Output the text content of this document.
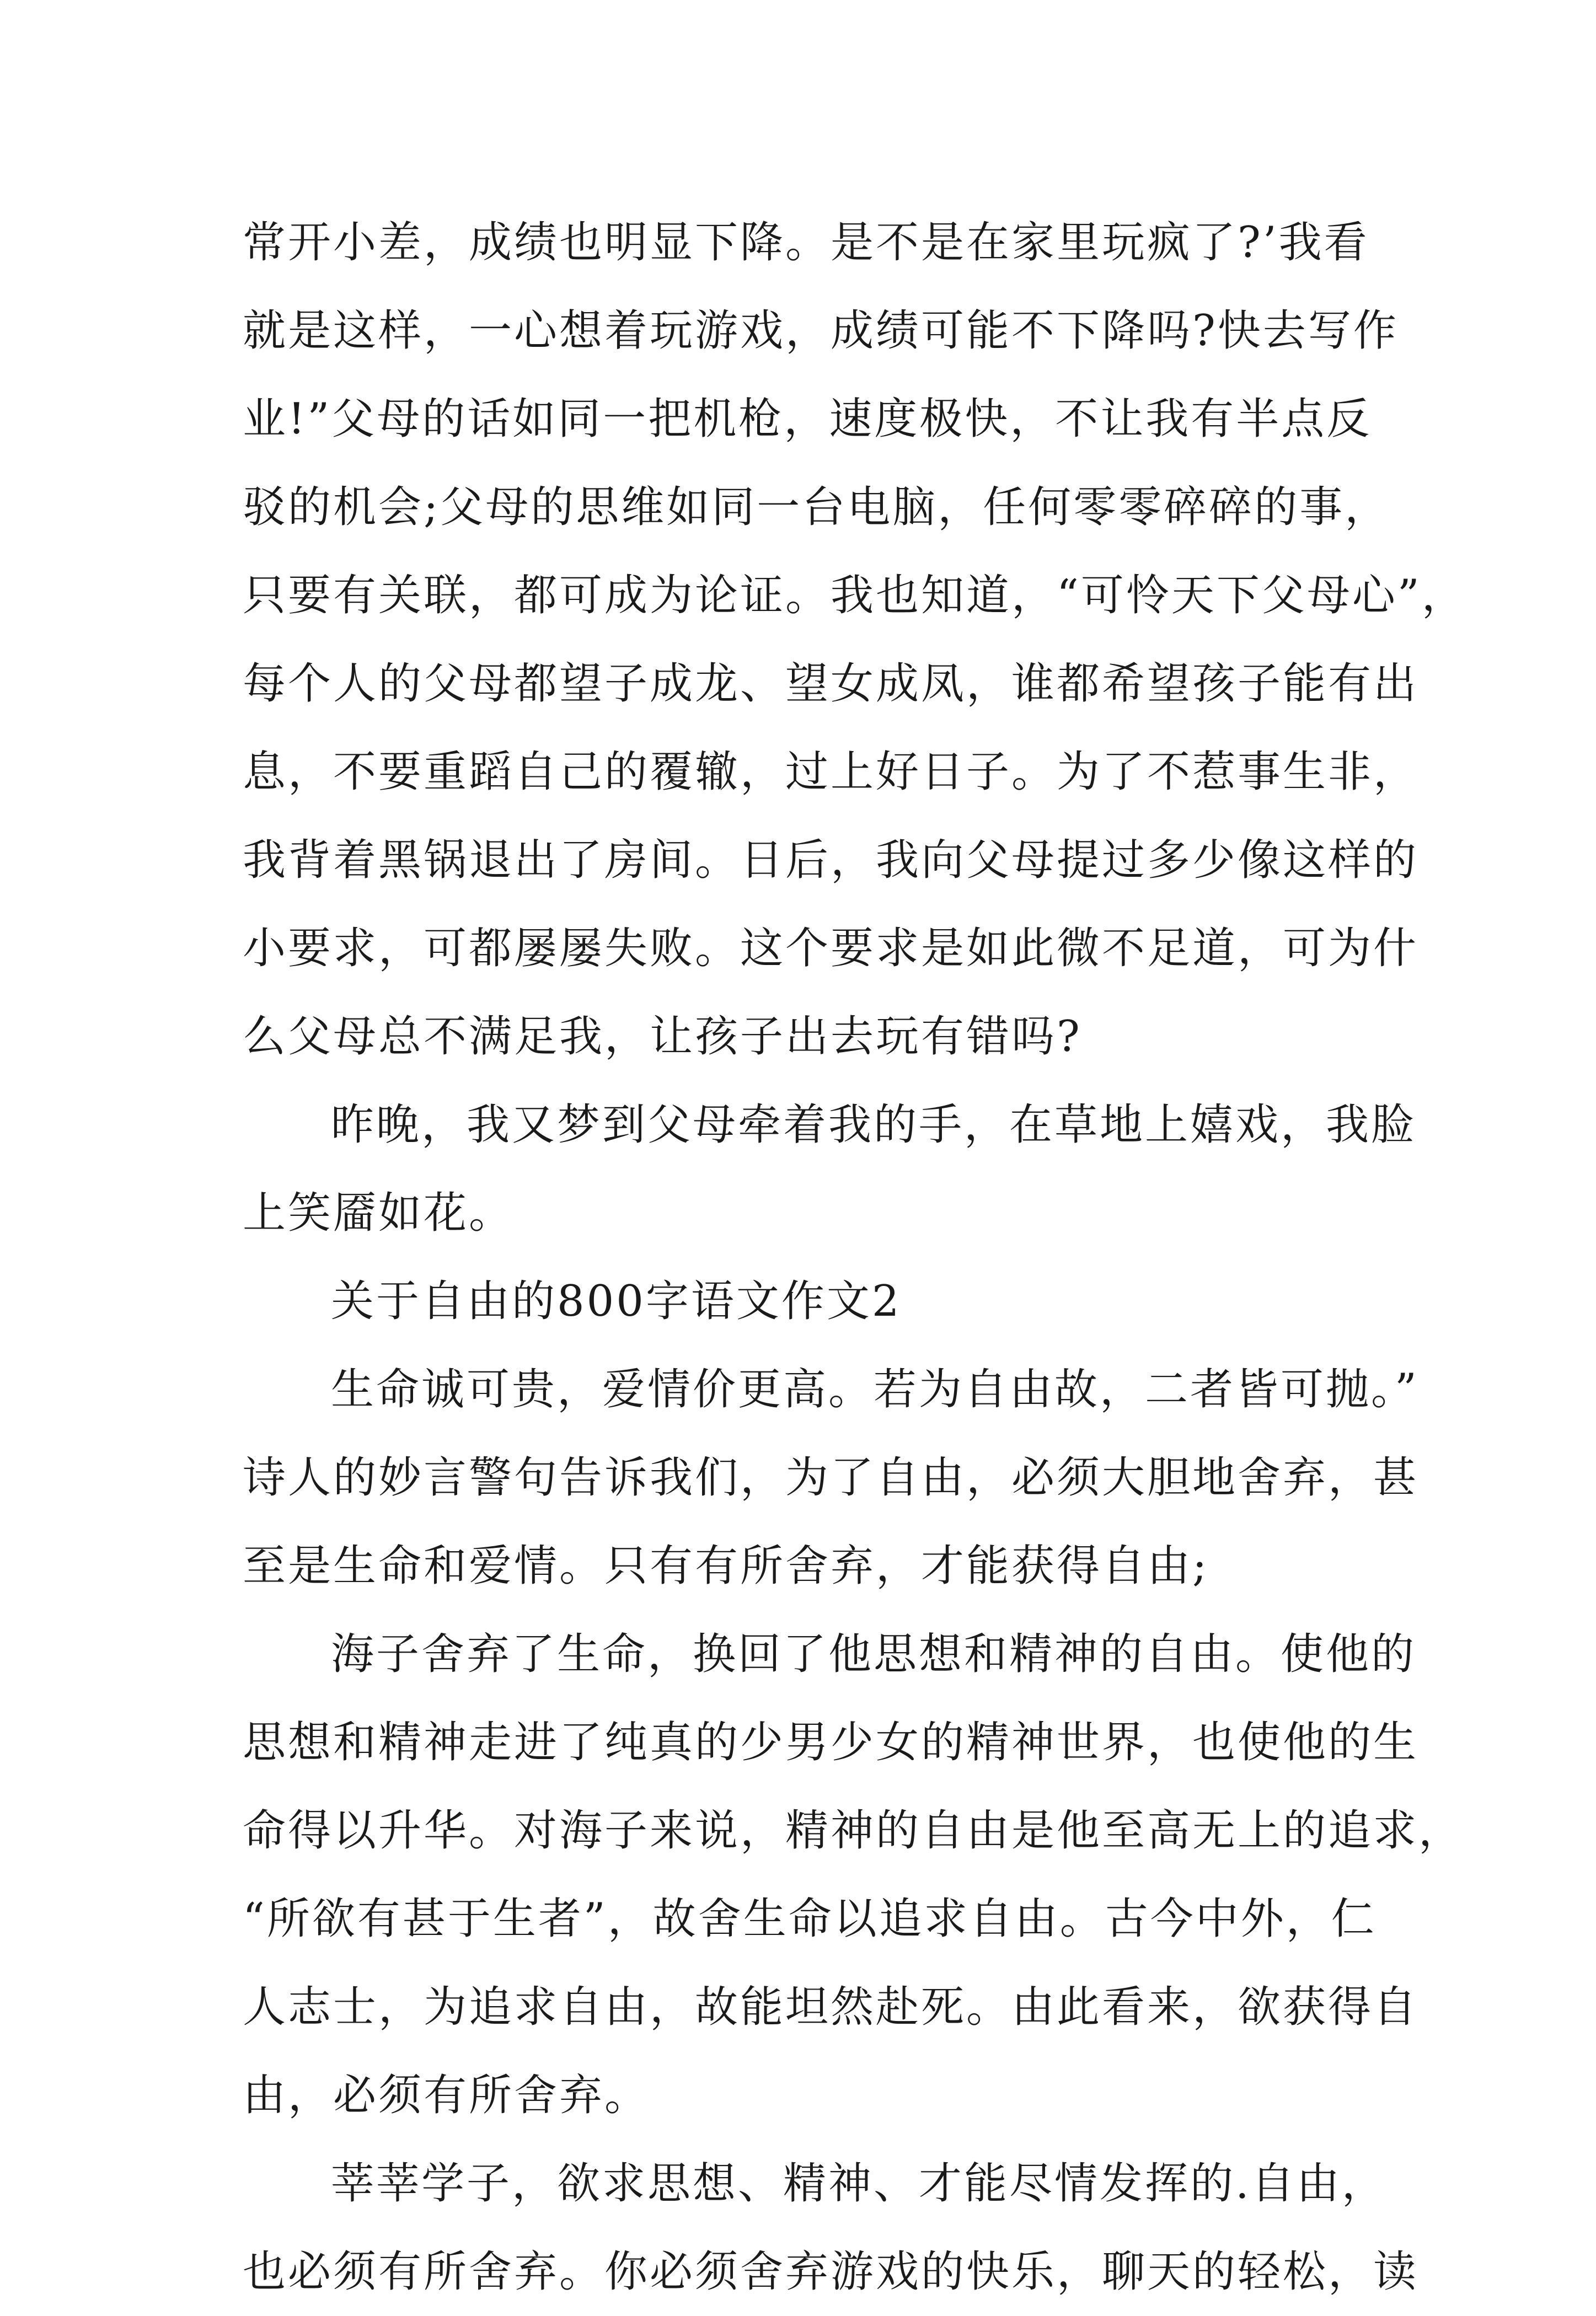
常开小差，成绩也明显下降。是不是在家里玩疯了?’我看
就是这样，一心想着玩游戏，成绩可能不下降吗?快去写作
业!”父母的话如同一把机枪，速度极快，不让我有半点反
驳的机会;父母的思维如同一台电脑，任何零零碎碎的事，
只要有关联，都可成为论证。我也知道，“可怜天下父母心”，
每个人的父母都望子成龙、望女成凤，谁都希望孩子能有出
息，不要重蹈自己的覆辙，过上好日子。为了不惹事生非，
我背着黑锅退出了房间。日后，我向父母提过多少像这样的
小要求，可都屡屡失败。这个要求是如此微不足道，可为什
么父母总不满足我，让孩子出去玩有错吗?
昨晚，我又梦到父母牵着我的手，在草地上嬉戏，我脸
上笑靥如花。
关于自由的800字语文作文2
生命诚可贵，爱情价更高。若为自由故，二者皆可抛。”
诗人的妙言警句告诉我们，为了自由，必须大胆地舍弃，甚
至是生命和爱情。只有有所舍弃，才能获得自由;
海子舍弃了生命，换回了他思想和精神的自由。使他的
思想和精神走进了纯真的少男少女的精神世界，也使他的生
命得以升华。对海子来说，精神的自由是他至高无上的追求，
“所欲有甚于生者”，故舍生命以追求自由。古今中外，仁
人志士，为追求自由，故能坦然赴死。由此看来，欲获得自
由，必须有所舍弃。
莘莘学子，欲求思想、精神、才能尽情发挥的.自由，
也必须有所舍弃。你必须舍弃游戏的快乐，聊天的轻松，读
